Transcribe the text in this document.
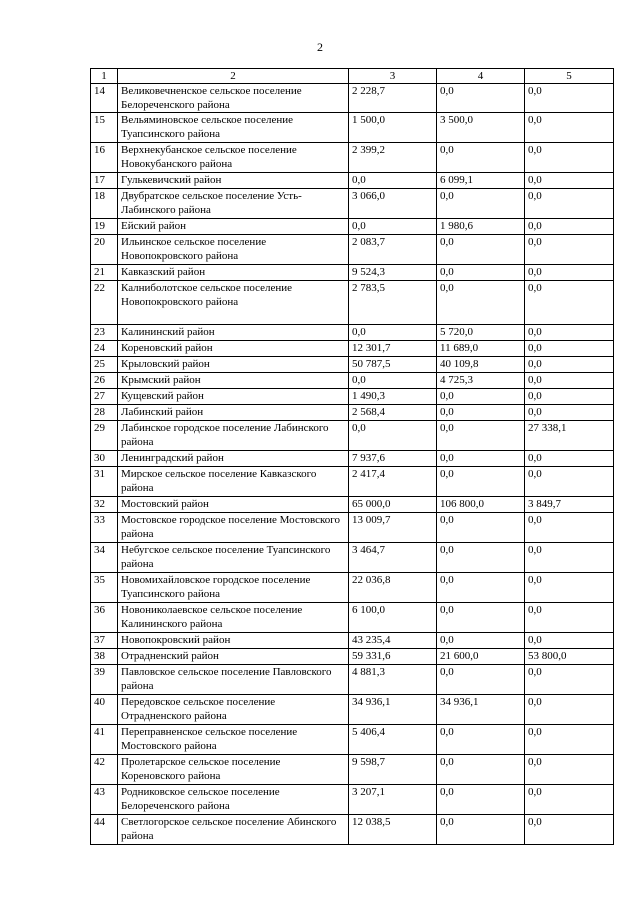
2
1	2	3	4	5
14	Великовечненское сельское поселение Белореченского района	2 228,7	0,0	0,0
15	Вельяминовское сельское поселение Туапсинского района	1 500,0	3 500,0	0,0
16	Верхнекубанское сельское поселение Новокубанского района	2 399,2	0,0	0,0
17	Гулькевичский район	0,0	6 099,1	0,0
18	Двубратское сельское поселение Усть-Лабинского района	3 066,0	0,0	0,0
19	Ейский район	0,0	1 980,6	0,0
20	Ильинское сельское поселение Новопокровского района	2 083,7	0,0	0,0
21	Кавказский район	9 524,3	0,0	0,0
22	Калниболотское сельское поселение Новопокровского района	2 783,5	0,0	0,0
23	Калининский район	0,0	5 720,0	0,0
24	Кореновский район	12 301,7	11 689,0	0,0
25	Крыловский район	50 787,5	40 109,8	0,0
26	Крымский район	0,0	4 725,3	0,0
27	Кущевский район	1 490,3	0,0	0,0
28	Лабинский район	2 568,4	0,0	0,0
29	Лабинское городское поселение Лабинского района	0,0	0,0	27 338,1
30	Ленинградский район	7 937,6	0,0	0,0
31	Мирское сельское поселение Кавказского района	2 417,4	0,0	0,0
32	Мостовский район	65 000,0	106 800,0	3 849,7
33	Мостовское городское поселение Мостовского района	13 009,7	0,0	0,0
34	Небугское сельское поселение Туапсинского района	3 464,7	0,0	0,0
35	Новомихайловское городское поселение Туапсинского района	22 036,8	0,0	0,0
36	Новониколаевское сельское поселение Калининского района	6 100,0	0,0	0,0
37	Новопокровский район	43 235,4	0,0	0,0
38	Отрадненский район	59 331,6	21 600,0	53 800,0
39	Павловское сельское поселение Павловского района	4 881,3	0,0	0,0
40	Передовское сельское поселение Отрадненского района	34 936,1	34 936,1	0,0
41	Переправненское сельское поселение Мостовского района	5 406,4	0,0	0,0
42	Пролетарское сельское поселение Кореновского района	9 598,7	0,0	0,0
43	Родниковское сельское поселение Белореченского района	3 207,1	0,0	0,0
44	Светлогорское сельское поселение Абинского района	12 038,5	0,0	0,0
